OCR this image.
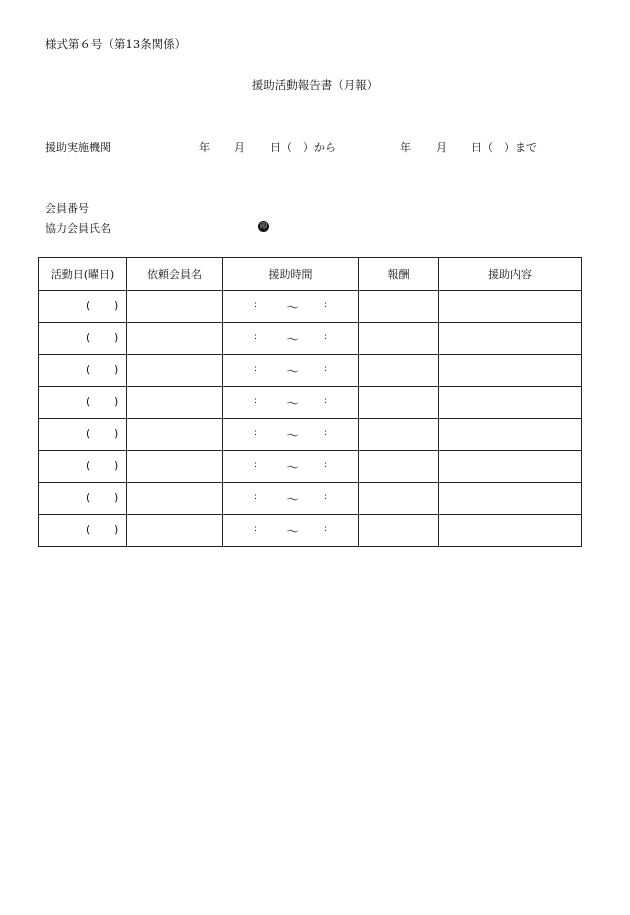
様式第６号（第13条関係）
援助活動報告書（月報）
援助実施機関	年 月 日（　）から	年 月 日（　）まで
会員番号
協力会員氏名	印
活動日(曜日)	依頼会員名	援助時間	報酬	援助内容

( )		: 〜 :		

( )		: 〜 :		

( )		: 〜 :		

( )		: 〜 :		

( )		: 〜 :		

( )		: 〜 :		

( )		: 〜 :		

( )		: 〜 :		
